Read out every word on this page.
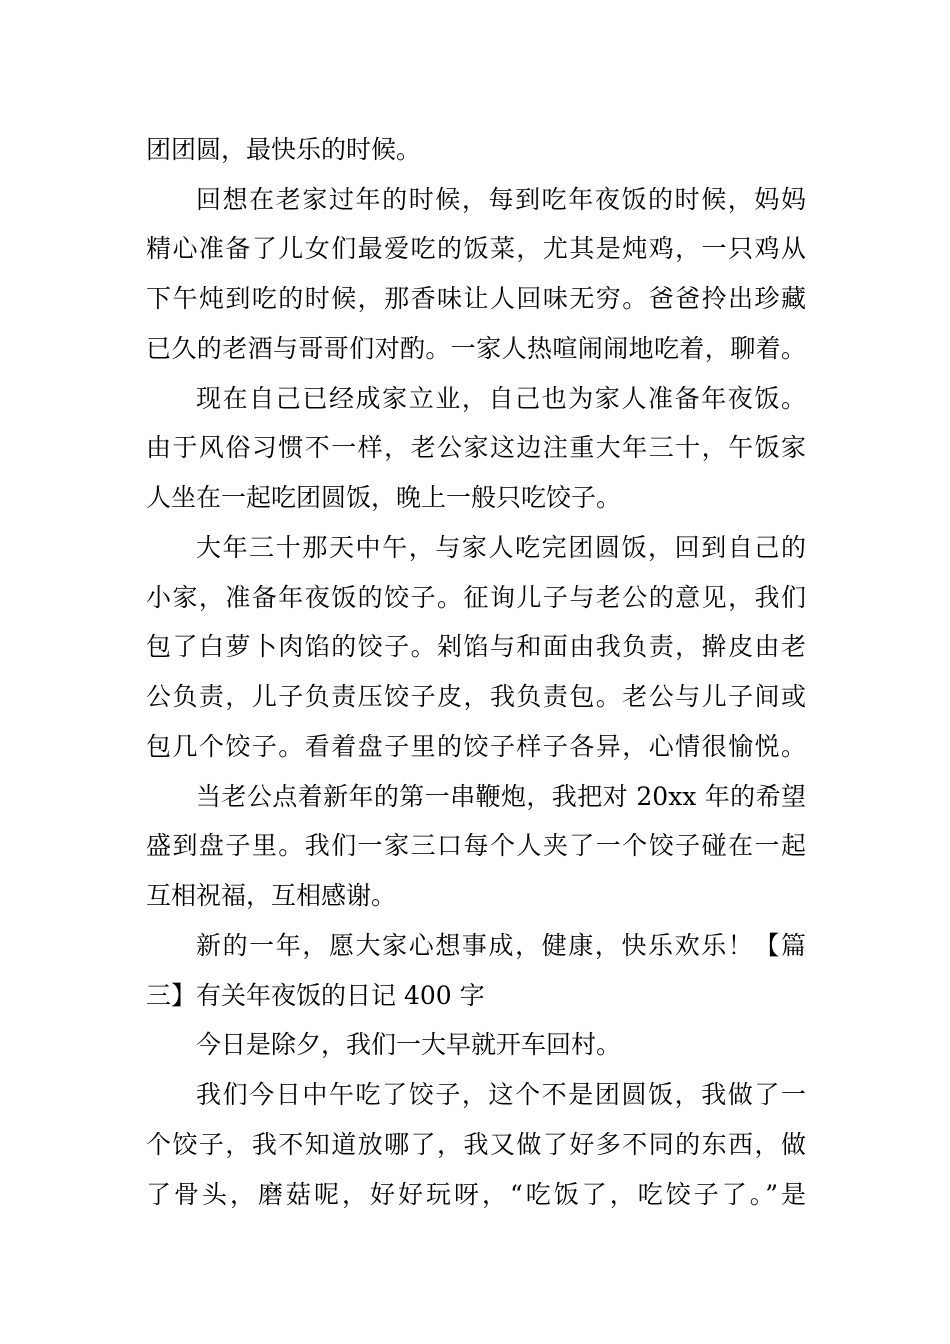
团团圆，最快乐的时候。
回想在老家过年的时候，每到吃年夜饭的时候，妈妈
精心准备了儿女们最爱吃的饭菜，尤其是炖鸡，一只鸡从
下午炖到吃的时候，那香味让人回味无穷。爸爸拎出珍藏
已久的老酒与哥哥们对酌。一家人热喧闹闹地吃着，聊着。
现在自己已经成家立业，自己也为家人准备年夜饭。
由于风俗习惯不一样，老公家这边注重大年三十，午饭家
人坐在一起吃团圆饭，晚上一般只吃饺子。
大年三十那天中午，与家人吃完团圆饭，回到自己的
小家，准备年夜饭的饺子。征询儿子与老公的意见，我们
包了白萝卜肉馅的饺子。剁馅与和面由我负责，擀皮由老
公负责，儿子负责压饺子皮，我负责包。老公与儿子间或
包几个饺子。看着盘子里的饺子样子各异，心情很愉悦。
当老公点着新年的第一串鞭炮，我把对 20xx 年的希望
盛到盘子里。我们一家三口每个人夹了一个饺子碰在一起
互相祝福，互相感谢。
新的一年，愿大家心想事成，健康，快乐欢乐！【篇
三】有关年夜饭的日记 400 字
今日是除夕，我们一大早就开车回村。
我们今日中午吃了饺子，这个不是团圆饭，我做了一
个饺子，我不知道放哪了，我又做了好多不同的东西，做
了骨头，磨菇呢，好好玩呀，“吃饭了，吃饺子了。”是
